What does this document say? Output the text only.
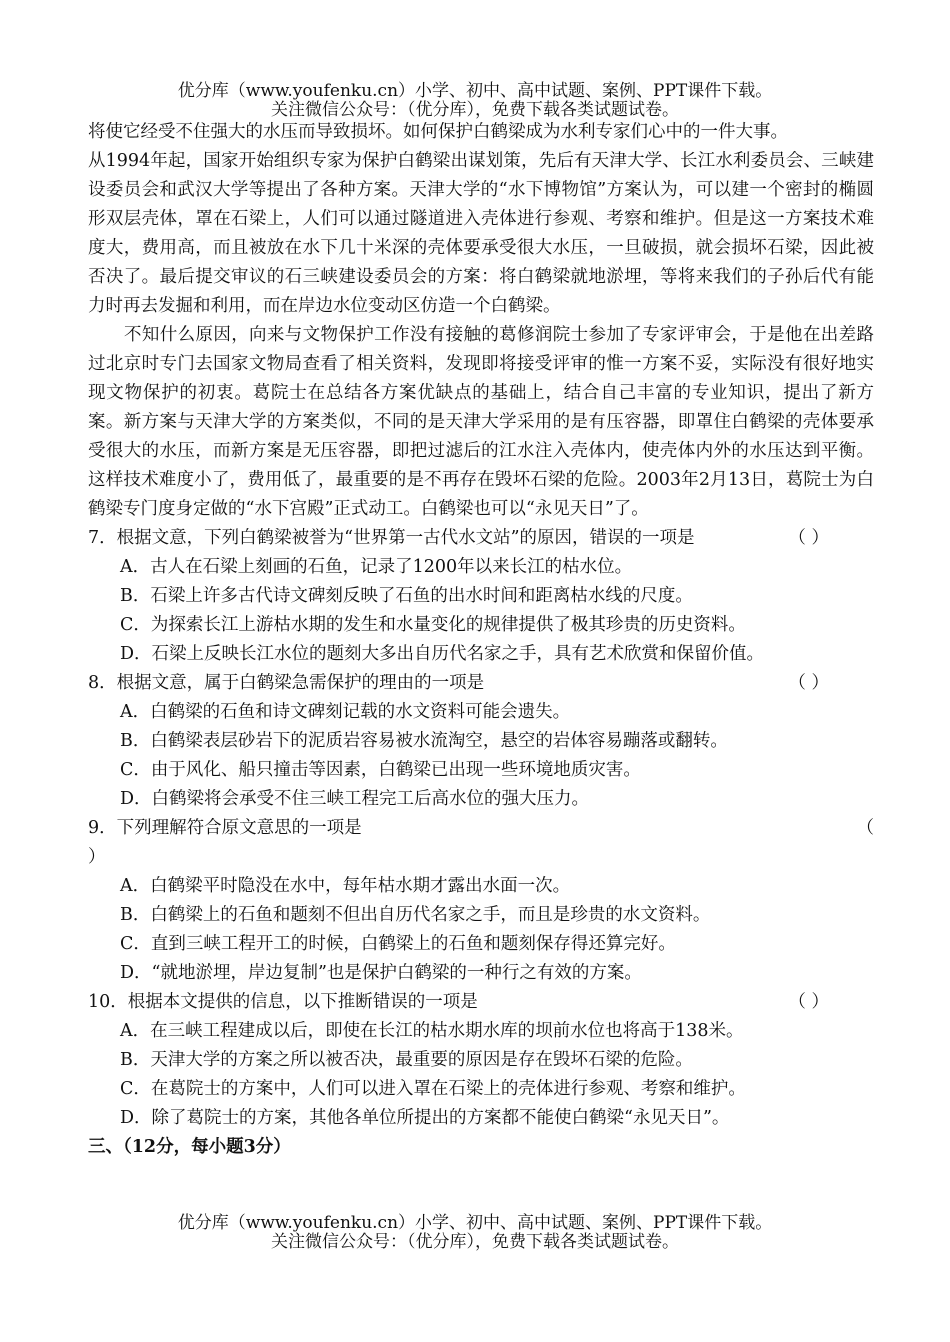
优分库（www.youfenku.cn）小学、初中、高中试题、案例、PPT课件下载。
关注微信公众号：（优分库），免费下载各类试题试卷。

将使它经受不住强大的水压而导致损坏。如何保护白鹤梁成为水利专家们心中的一件大事。

从1994年起，国家开始组织专家为保护白鹤梁出谋划策，先后有天津大学、长江水利委员会、三峡建设委员会和武汉大学等提出了各种方案。天津大学的“水下博物馆”方案认为，可以建一个密封的椭圆形双层壳体，罩在石梁上，人们可以通过隧道进入壳体进行参观、考察和维护。但是这一方案技术难度大，费用高，而且被放在水下几十米深的壳体要承受很大水压，一旦破损，就会损坏石梁，因此被否决了。最后提交审议的石三峡建设委员会的方案：将白鹤梁就地淤埋，等将来我们的子孙后代有能力时再去发掘和利用，而在岸边水位变动区仿造一个白鹤梁。

不知什么原因，向来与文物保护工作没有接触的葛修润院士参加了专家评审会，于是他在出差路过北京时专门去国家文物局查看了相关资料，发现即将接受评审的惟一方案不妥，实际没有很好地实现文物保护的初衷。葛院士在总结各方案优缺点的基础上，结合自己丰富的专业知识，提出了新方案。新方案与天津大学的方案类似，不同的是天津大学采用的是有压容器，即罩住白鹤梁的壳体要承受很大的水压，而新方案是无压容器，即把过滤后的江水注入壳体内，使壳体内外的水压达到平衡。这样技术难度小了，费用低了，最重要的是不再存在毁坏石梁的危险。2003年2月13日，葛院士为白鹤梁专门度身定做的“水下宫殿”正式动工。白鹤梁也可以“永见天日”了。

7．根据文意，下列白鹤梁被誉为“世界第一古代水文站”的原因，错误的一项是	（ ）
A．古人在石梁上刻画的石鱼，记录了1200年以来长江的枯水位。
B．石梁上许多古代诗文碑刻反映了石鱼的出水时间和距离枯水线的尺度。
C．为探索长江上游枯水期的发生和水量变化的规律提供了极其珍贵的历史资料。
D．石梁上反映长江水位的题刻大多出自历代名家之手，具有艺术欣赏和保留价值。
8．根据文意，属于白鹤梁急需保护的理由的一项是	（ ）
A．白鹤梁的石鱼和诗文碑刻记载的水文资料可能会遗失。
B．白鹤梁表层砂岩下的泥质岩容易被水流淘空，悬空的岩体容易蹦落或翻转。
C．由于风化、船只撞击等因素，白鹤梁已出现一些环境地质灾害。
D．白鹤梁将会承受不住三峡工程完工后高水位的强大压力。
9．下列理解符合原文意思的一项是	（
）
A．白鹤梁平时隐没在水中，每年枯水期才露出水面一次。
B．白鹤梁上的石鱼和题刻不但出自历代名家之手，而且是珍贵的水文资料。
C．直到三峡工程开工的时候，白鹤梁上的石鱼和题刻保存得还算完好。
D．“就地淤埋，岸边复制”也是保护白鹤梁的一种行之有效的方案。
10．根据本文提供的信息，以下推断错误的一项是	（ ）
A．在三峡工程建成以后，即使在长江的枯水期水库的坝前水位也将高于138米。
B．天津大学的方案之所以被否决，最重要的原因是存在毁坏石梁的危险。
C．在葛院士的方案中，人们可以进入罩在石梁上的壳体进行参观、考察和维护。
D．除了葛院士的方案，其他各单位所提出的方案都不能使白鹤梁“永见天日”。
三、（12分，每小题3分）
优分库（www.youfenku.cn）小学、初中、高中试题、案例、PPT课件下载。
关注微信公众号：（优分库），免费下载各类试题试卷。
